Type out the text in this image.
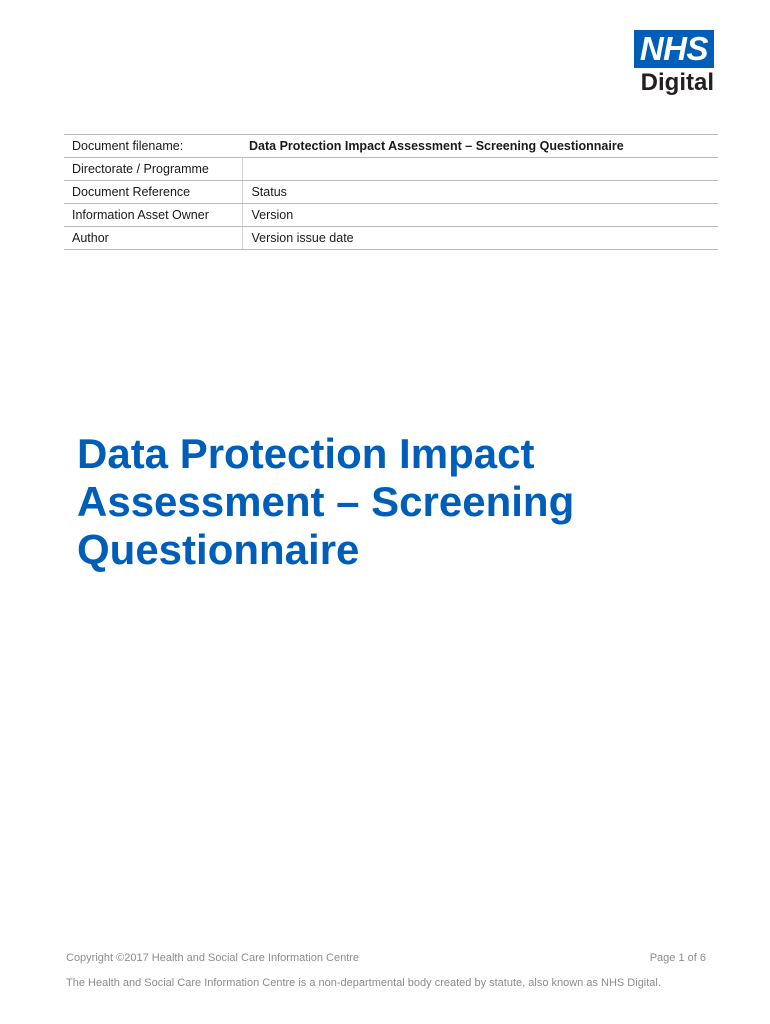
NHS
Digital
Document filename:	Data Protection Impact Assessment – Screening Questionnaire	
Directorate / Programme		
Document Reference		Status
Information Asset Owner		Version
Author		Version issue date
Data Protection Impact
Assessment – Screening
Questionnaire
Copyright ©2017 Health and Social Care Information Centre	Page 1 of 6
The Health and Social Care Information Centre is a non-departmental body created by statute, also known as NHS Digital.
